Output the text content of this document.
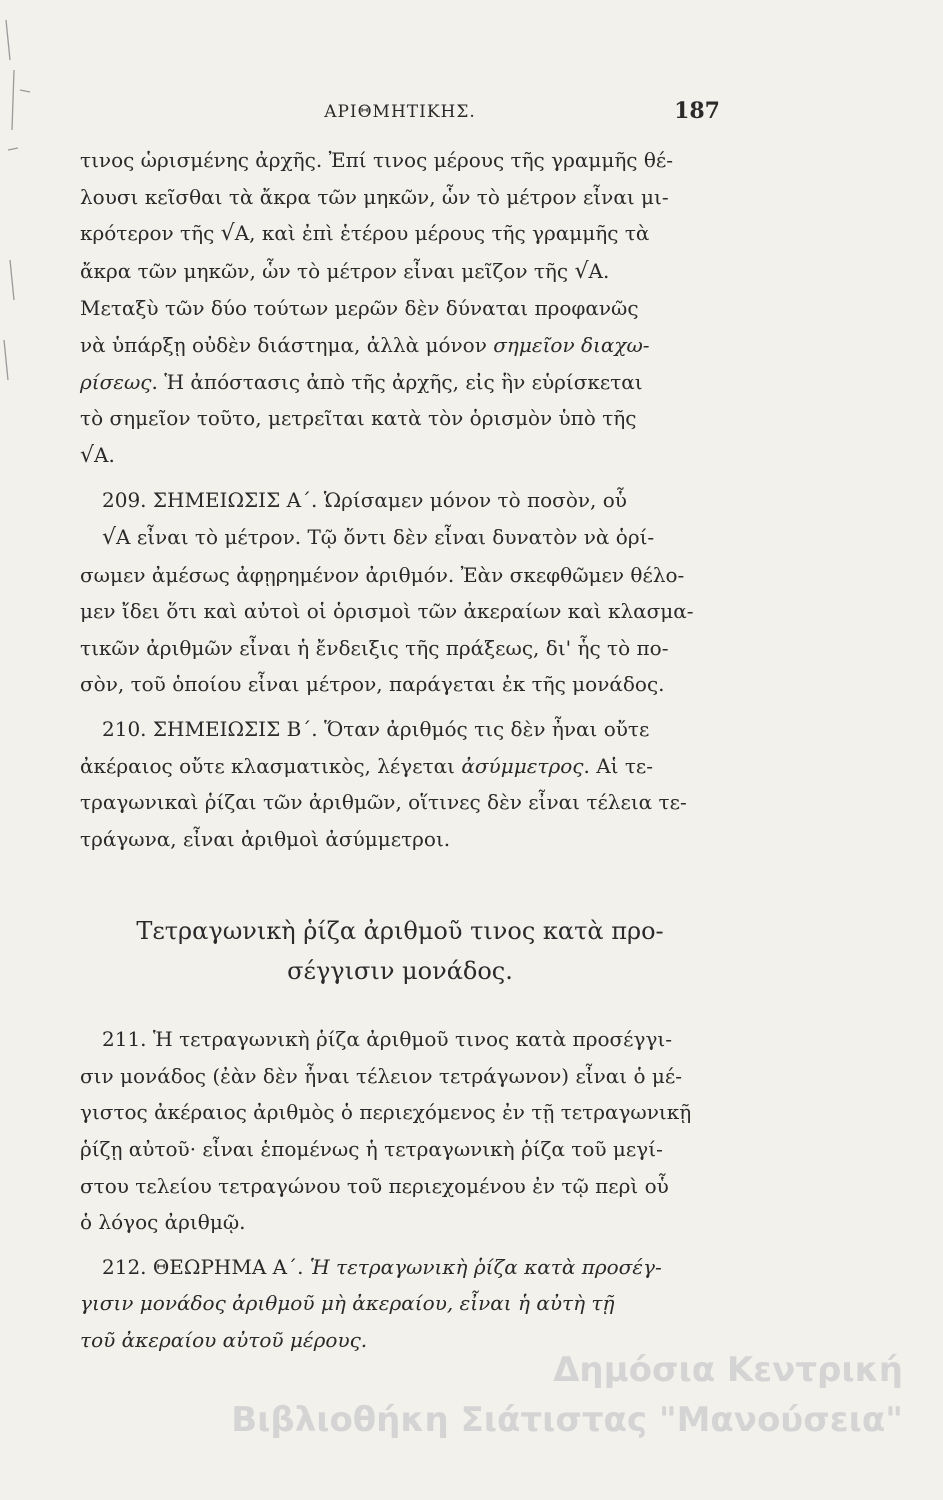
ΑΡΙΘΜΗΤΙΚΗΣ.	187

τινος ὡρισμένης ἀρχῆς. Ἐπί τινος μέρους τῆς γραμμῆς θέ-
λουσι κεῖσθαι τὰ ἄκρα τῶν μηκῶν, ὧν τὸ μέτρον εἶναι μι-
κρότερον τῆς √Α, καὶ ἐπὶ ἑτέρου μέρους τῆς γραμμῆς τὰ
ἄκρα τῶν μηκῶν, ὧν τὸ μέτρον εἶναι μεῖζον τῆς √Α.
Μεταξὺ τῶν δύο τούτων μερῶν δὲν δύναται προφανῶς
νὰ ὑπάρξῃ οὐδὲν διάστημα, ἀλλὰ μόνον σημεῖον διαχω-
ρίσεως. Ἡ ἀπόστασις ἀπὸ τῆς ἀρχῆς, εἰς ἣν εὑρίσκεται
τὸ σημεῖον τοῦτο, μετρεῖται κατὰ τὸν ὁρισμὸν ὑπὸ τῆς
√Α.

209. ΣΗΜΕΙΩΣΙΣ Α΄. Ὡρίσαμεν μόνον τὸ ποσὸν, οὗ
√Α εἶναι τὸ μέτρον. Τῷ ὄντι δὲν εἶναι δυνατὸν νὰ ὁρί-
σωμεν ἀμέσως ἀφῃρημένον ἀριθμόν. Ἐὰν σκεφθῶμεν θέλο-
μεν ἴδει ὅτι καὶ αὐτοὶ οἱ ὁρισμοὶ τῶν ἀκεραίων καὶ κλασμα-
τικῶν ἀριθμῶν εἶναι ἡ ἔνδειξις τῆς πράξεως, δι' ἧς τὸ πο-
σὸν, τοῦ ὁποίου εἶναι μέτρον, παράγεται ἐκ τῆς μονάδος.

210. ΣΗΜΕΙΩΣΙΣ Β΄. Ὅταν ἀριθμός τις δὲν ἦναι οὔτε
ἀκέραιος οὔτε κλασματικὸς, λέγεται ἀσύμμετρος. Αἱ τε-
τραγωνικαὶ ῥίζαι τῶν ἀριθμῶν, οἵτινες δὲν εἶναι τέλεια τε-
τράγωνα, εἶναι ἀριθμοὶ ἀσύμμετροι.

Τετραγωνικὴ ῥίζα ἀριθμοῦ τινος κατὰ προ-
σέγγισιν μονάδος.

211. Ἡ τετραγωνικὴ ῥίζα ἀριθμοῦ τινος κατὰ προσέγγι-
σιν μονάδος (ἐὰν δὲν ἦναι τέλειον τετράγωνον) εἶναι ὁ μέ-
γιστος ἀκέραιος ἀριθμὸς ὁ περιεχόμενος ἐν τῇ τετραγωνικῇ
ῥίζῃ αὐτοῦ· εἶναι ἑπομένως ἡ τετραγωνικὴ ῥίζα τοῦ μεγί-
στου τελείου τετραγώνου τοῦ περιεχομένου ἐν τῷ περὶ οὗ
ὁ λόγος ἀριθμῷ.

212. ΘΕΩΡΗΜΑ Α΄. Ἡ τετραγωνικὴ ῥίζα κατὰ προσέγ-
γισιν μονάδος ἀριθμοῦ μὴ ἀκεραίου, εἶναι ἡ αὐτὴ τῇ
τοῦ ἀκεραίου αὐτοῦ μέρους.

Δημόσια Κεντρική
Βιβλιοθήκη Σιάτιστας "Μανούσεια"
